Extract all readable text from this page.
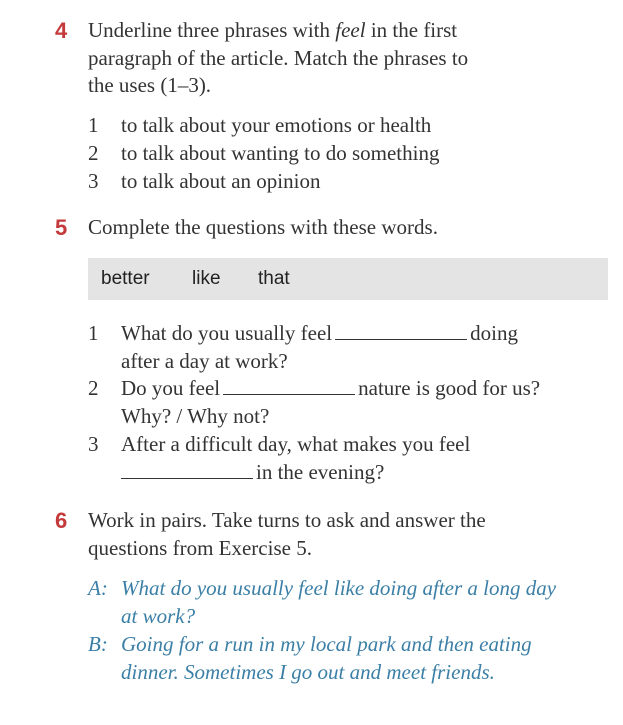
4 Underline three phrases with feel in the first
paragraph of the article. Match the phrases to
the uses (1–3).
1 to talk about your emotions or health
2 to talk about wanting to do something
3 to talk about an opinion
5 Complete the questions with these words.
better like that
1 What do you usually feel	doing
after a day at work?
2 Do you feel	nature is good for us?
Why? / Why not?
3 After a difficult day, what makes you feel
in the evening?
6 Work in pairs. Take turns to ask and answer the
questions from Exercise 5.
A: What do you usually feel like doing after a long day
at work?
B: Going for a run in my local park and then eating
dinner. Sometimes I go out and meet friends.
